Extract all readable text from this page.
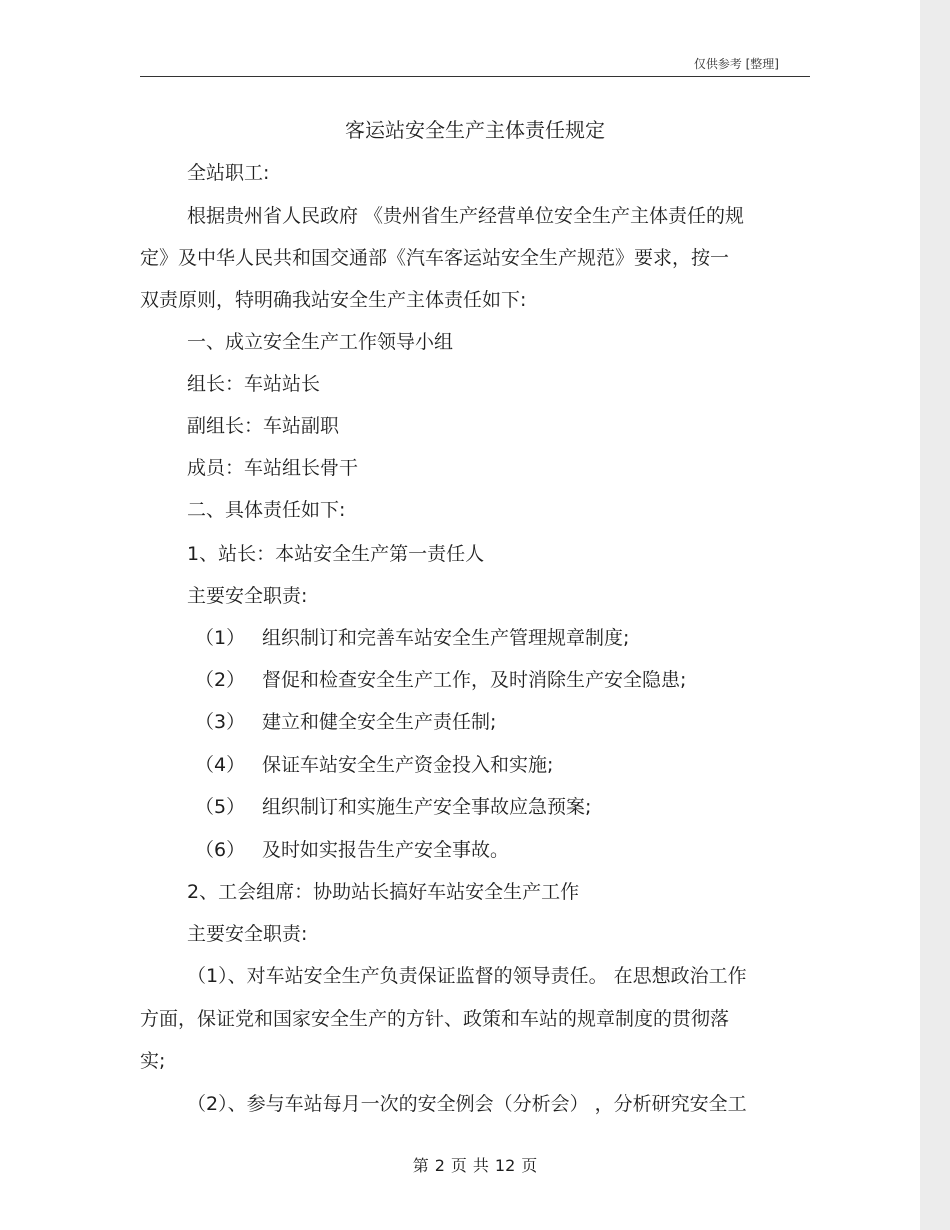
仅供参考 [整理]
客运站安全生产主体责任规定
全站职工:
根据贵州省人民政府 《贵州省生产经营单位安全生产主体责任的规
定》及中华人民共和国交通部《汽车客运站安全生产规范》要求，按一
双责原则，特明确我站安全生产主体责任如下:
一、成立安全生产工作领导小组
组长：车站站长
副组长：车站副职
成员：车站组长骨干
二、具体责任如下:
1、站长：本站安全生产第一责任人
主要安全职责:
（1） 组织制订和完善车站安全生产管理规章制度;
（2） 督促和检查安全生产工作，及时消除生产安全隐患;
（3） 建立和健全安全生产责任制;
（4） 保证车站安全生产资金投入和实施;
（5） 组织制订和实施生产安全事故应急预案;
（6） 及时如实报告生产安全事故。
2、工会组席：协助站长搞好车站安全生产工作
主要安全职责:
（1）、对车站安全生产负责保证监督的领导责任。 在思想政治工作
方面，保证党和国家安全生产的方针、政策和车站的规章制度的贯彻落
实;
（2）、参与车站每月一次的安全例会（分析会） ，分析研究安全工
第 2 页 共 12 页
